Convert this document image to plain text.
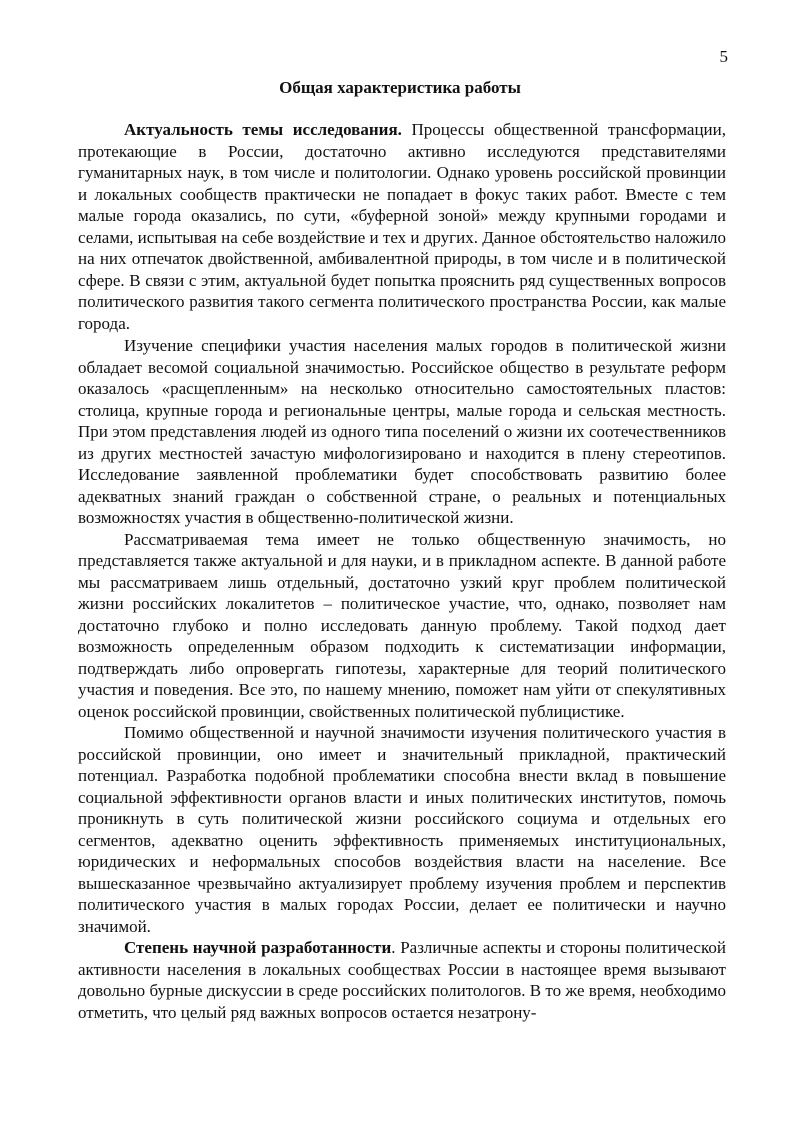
5
Общая характеристика работы

Актуальность темы исследования. Процессы общественной трансформации, протекающие в России, достаточно активно исследуются представителями гуманитарных наук, в том числе и политологии. Однако уровень российской провинции и локальных сообществ практически не попадает в фокус таких работ. Вместе с тем малые города оказались, по сути, «буферной зоной» между крупными городами и селами, испытывая на себе воздействие и тех и других. Данное обстоятельство наложило на них отпечаток двойственной, амбивалентной природы, в том числе и в политической сфере. В связи с этим, актуальной будет попытка прояснить ряд существенных вопросов политического развития такого сегмента политического пространства России, как малые города.

Изучение специфики участия населения малых городов в политической жизни обладает весомой социальной значимостью. Российское общество в результате реформ оказалось «расщепленным» на несколько относительно самостоятельных пластов: столица, крупные города и региональные центры, малые города и сельская местность. При этом представления людей из одного типа поселений о жизни их соотечественников из других местностей зачастую мифологизировано и находится в плену стереотипов. Исследование заявленной проблематики будет способствовать развитию более адекватных знаний граждан о собственной стране, о реальных и потенциальных возможностях участия в общественно-политической жизни.

Рассматриваемая тема имеет не только общественную значимость, но представляется также актуальной и для науки, и в прикладном аспекте. В данной работе мы рассматриваем лишь отдельный, достаточно узкий круг проблем политической жизни российских локалитетов – политическое участие, что, однако, позволяет нам достаточно глубоко и полно исследовать данную проблему. Такой подход дает возможность определенным образом подходить к систематизации информации, подтверждать либо опровергать гипотезы, характерные для теорий политического участия и поведения. Все это, по нашему мнению, поможет нам уйти от спекулятивных оценок российской провинции, свойственных политической публицистике.

Помимо общественной и научной значимости изучения политического участия в российской провинции, оно имеет и значительный прикладной, практический потенциал. Разработка подобной проблематики способна внести вклад в повышение социальной эффективности органов власти и иных политических институтов, помочь проникнуть в суть политической жизни российского социума и отдельных его сегментов, адекватно оценить эффективность применяемых институциональных, юридических и неформальных способов воздействия власти на население. Все вышесказанное чрезвычайно актуализирует проблему изучения проблем и перспектив политического участия в малых городах России, делает ее политически и научно значимой.

Степень научной разработанности. Различные аспекты и стороны политической активности населения в локальных сообществах России в настоящее время вызывают довольно бурные дискуссии в среде российских политологов. В то же время, необходимо отметить, что целый ряд важных вопросов остается незатрону-
